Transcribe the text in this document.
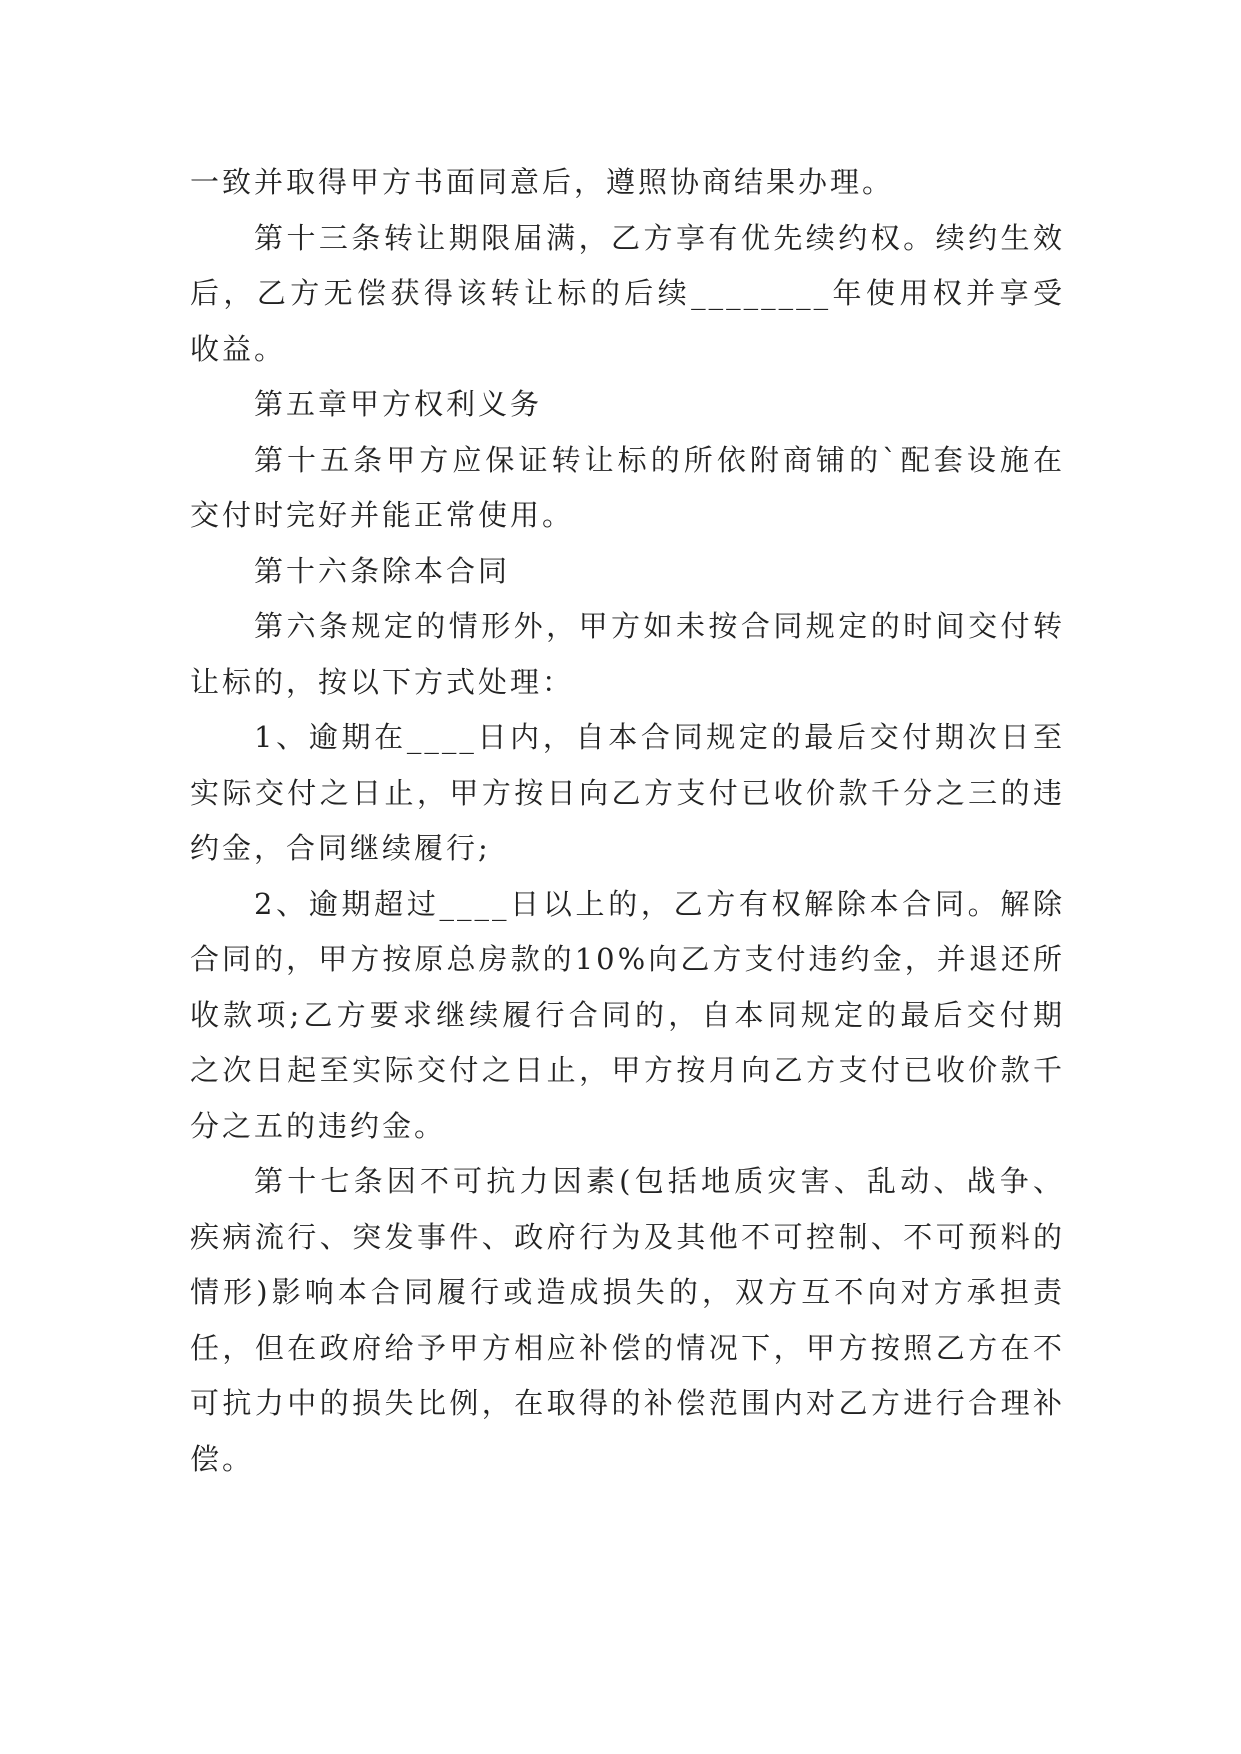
一致并取得甲方书面同意后，遵照协商结果办理。

第十三条转让期限届满，乙方享有优先续约权。续约生效后，乙方无偿获得该转让标的后续________年使用权并享受收益。

第五章甲方权利义务

第十五条甲方应保证转让标的所依附商铺的`配套设施在交付时完好并能正常使用。

第十六条除本合同

第六条规定的情形外，甲方如未按合同规定的时间交付转让标的，按以下方式处理：

1、逾期在____日内，自本合同规定的最后交付期次日至实际交付之日止，甲方按日向乙方支付已收价款千分之三的违约金，合同继续履行;

2、逾期超过____日以上的，乙方有权解除本合同。解除合同的，甲方按原总房款的10%向乙方支付违约金，并退还所收款项;乙方要求继续履行合同的，自本同规定的最后交付期之次日起至实际交付之日止，甲方按月向乙方支付已收价款千分之五的违约金。

第十七条因不可抗力因素(包括地质灾害、乱动、战争、疾病流行、突发事件、政府行为及其他不可控制、不可预料的情形)影响本合同履行或造成损失的，双方互不向对方承担责任，但在政府给予甲方相应补偿的情况下，甲方按照乙方在不可抗力中的损失比例，在取得的补偿范围内对乙方进行合理补偿。
